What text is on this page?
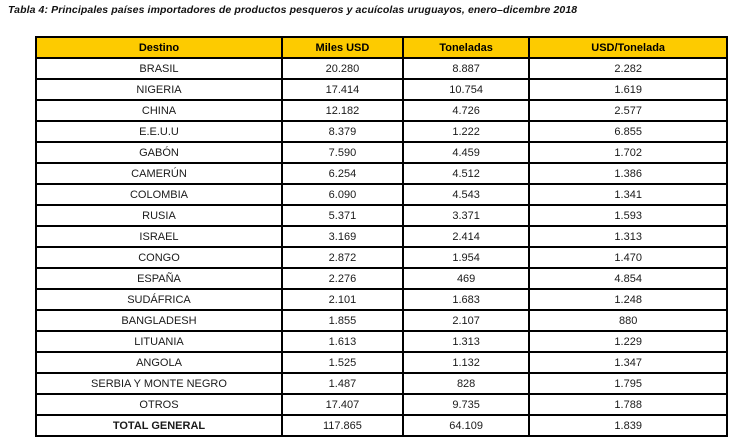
Tabla 4: Principales países importadores de productos pesqueros y acuícolas uruguayos, enero–dicembre 2018
Destino	Miles USD	Toneladas	USD/Tonelada
BRASIL	20.280	8.887	2.282
NIGERIA	17.414	10.754	1.619
CHINA	12.182	4.726	2.577
E.E.U.U	8.379	1.222	6.855
GABÓN	7.590	4.459	1.702
CAMERÚN	6.254	4.512	1.386
COLOMBIA	6.090	4.543	1.341
RUSIA	5.371	3.371	1.593
ISRAEL	3.169	2.414	1.313
CONGO	2.872	1.954	1.470
ESPAÑA	2.276	469	4.854
SUDÁFRICA	2.101	1.683	1.248
BANGLADESH	1.855	2.107	880
LITUANIA	1.613	1.313	1.229
ANGOLA	1.525	1.132	1.347
SERBIA Y MONTE NEGRO	1.487	828	1.795
OTROS	17.407	9.735	1.788
TOTAL GENERAL	117.865	64.109	1.839
